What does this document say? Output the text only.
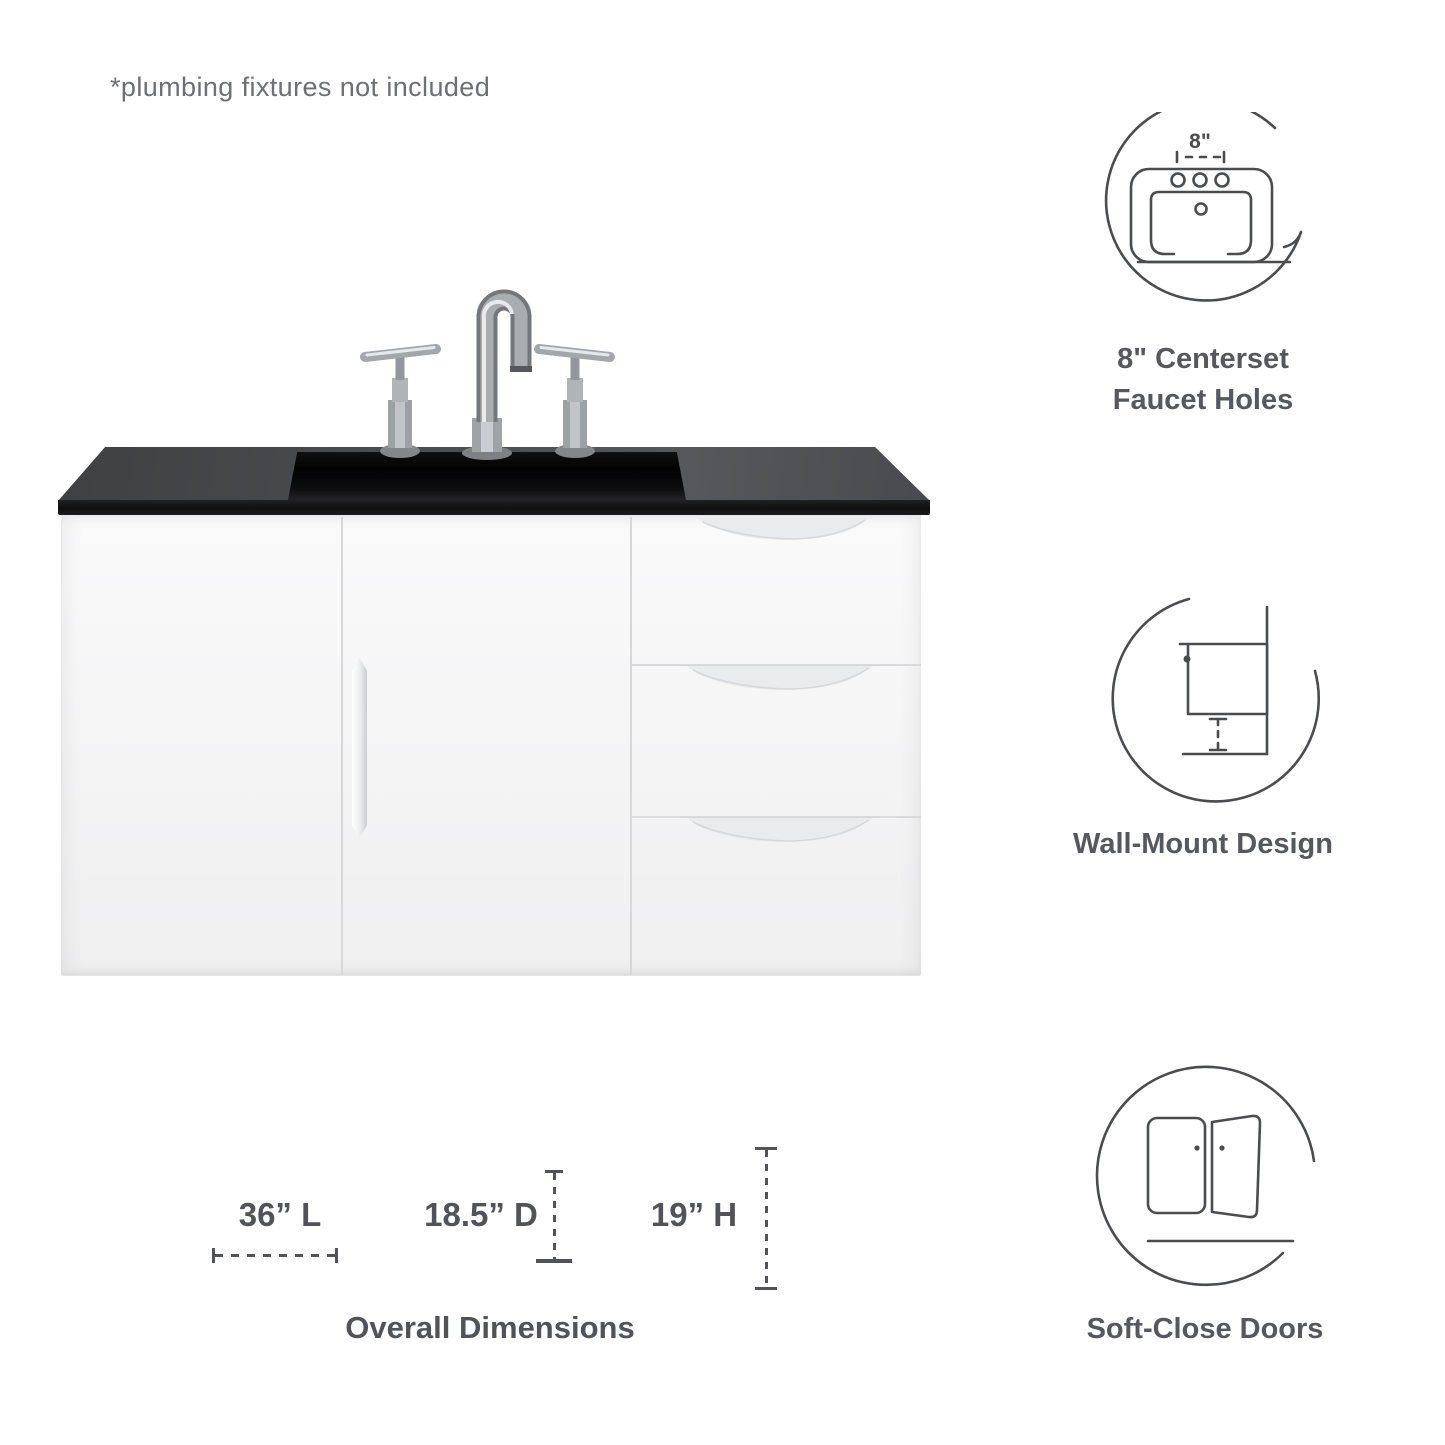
*plumbing fixtures not included
8"
8" Centerset
Faucet Holes
Wall-Mount Design
Soft-Close Doors
36” L	18.5” D	19” H
Overall Dimensions
